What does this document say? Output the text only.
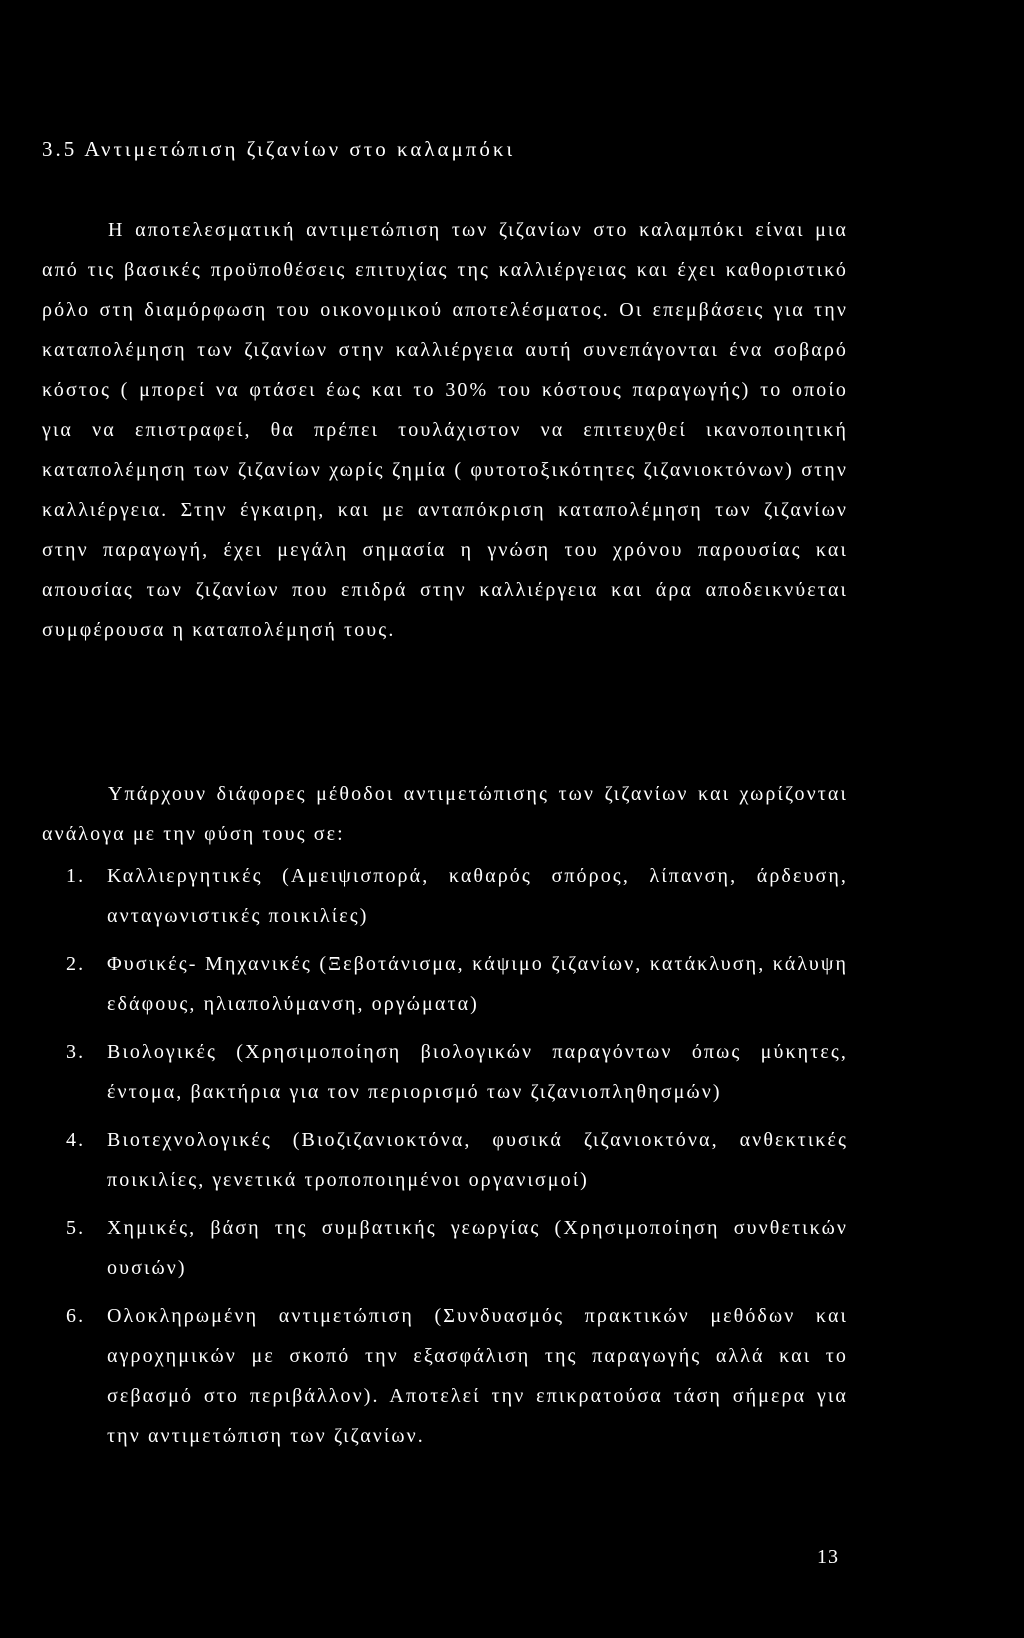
3.5 Αντιμετώπιση ζιζανίων στο καλαμπόκι

Η αποτελεσματική αντιμετώπιση των ζιζανίων στο καλαμπόκι είναι μια από τις βασικές προϋποθέσεις επιτυχίας της καλλιέργειας και έχει καθοριστικό ρόλο στη διαμόρφωση του οικονομικού αποτελέσματος. Οι επεμβάσεις για την καταπολέμηση των ζιζανίων στην καλλιέργεια αυτή συνεπάγονται ένα σοβαρό κόστος ( μπορεί να φτάσει έως και το 30% του κόστους παραγωγής) το οποίο για να επιστραφεί, θα πρέπει τουλάχιστον να επιτευχθεί ικανοποιητική καταπολέμηση των ζιζανίων χωρίς ζημία ( φυτοτοξικότητες ζιζανιοκτόνων) στην καλλιέργεια. Στην έγκαιρη, και με ανταπόκριση καταπολέμηση των ζιζανίων στην παραγωγή, έχει μεγάλη σημασία η γνώση του χρόνου παρουσίας και απουσίας των ζιζανίων που επιδρά στην καλλιέργεια και άρα αποδεικνύεται συμφέρουσα η καταπολέμησή τους.

Υπάρχουν διάφορες μέθοδοι αντιμετώπισης των ζιζανίων και χωρίζονται ανάλογα με την φύση τους σε:

1. Καλλιεργητικές (Αμειψισπορά, καθαρός σπόρος, λίπανση, άρδευση, ανταγωνιστικές ποικιλίες)
2. Φυσικές- Μηχανικές (Ξεβοτάνισμα, κάψιμο ζιζανίων, κατάκλυση, κάλυψη εδάφους, ηλιαπολύμανση, οργώματα)
3. Βιολογικές (Χρησιμοποίηση βιολογικών παραγόντων όπως μύκητες, έντομα, βακτήρια για τον περιορισμό των ζιζανιοπληθησμών)
4. Βιοτεχνολογικές (Βιοζιζανιοκτόνα, φυσικά ζιζανιοκτόνα, ανθεκτικές ποικιλίες, γενετικά τροποποιημένοι οργανισμοί)
5. Χημικές, βάση της συμβατικής γεωργίας (Χρησιμοποίηση συνθετικών ουσιών)
6. Ολοκληρωμένη αντιμετώπιση (Συνδυασμός πρακτικών μεθόδων και αγροχημικών με σκοπό την εξασφάλιση της παραγωγής αλλά και το σεβασμό στο περιβάλλον). Αποτελεί την επικρατούσα τάση σήμερα για την αντιμετώπιση των ζιζανίων.
13
